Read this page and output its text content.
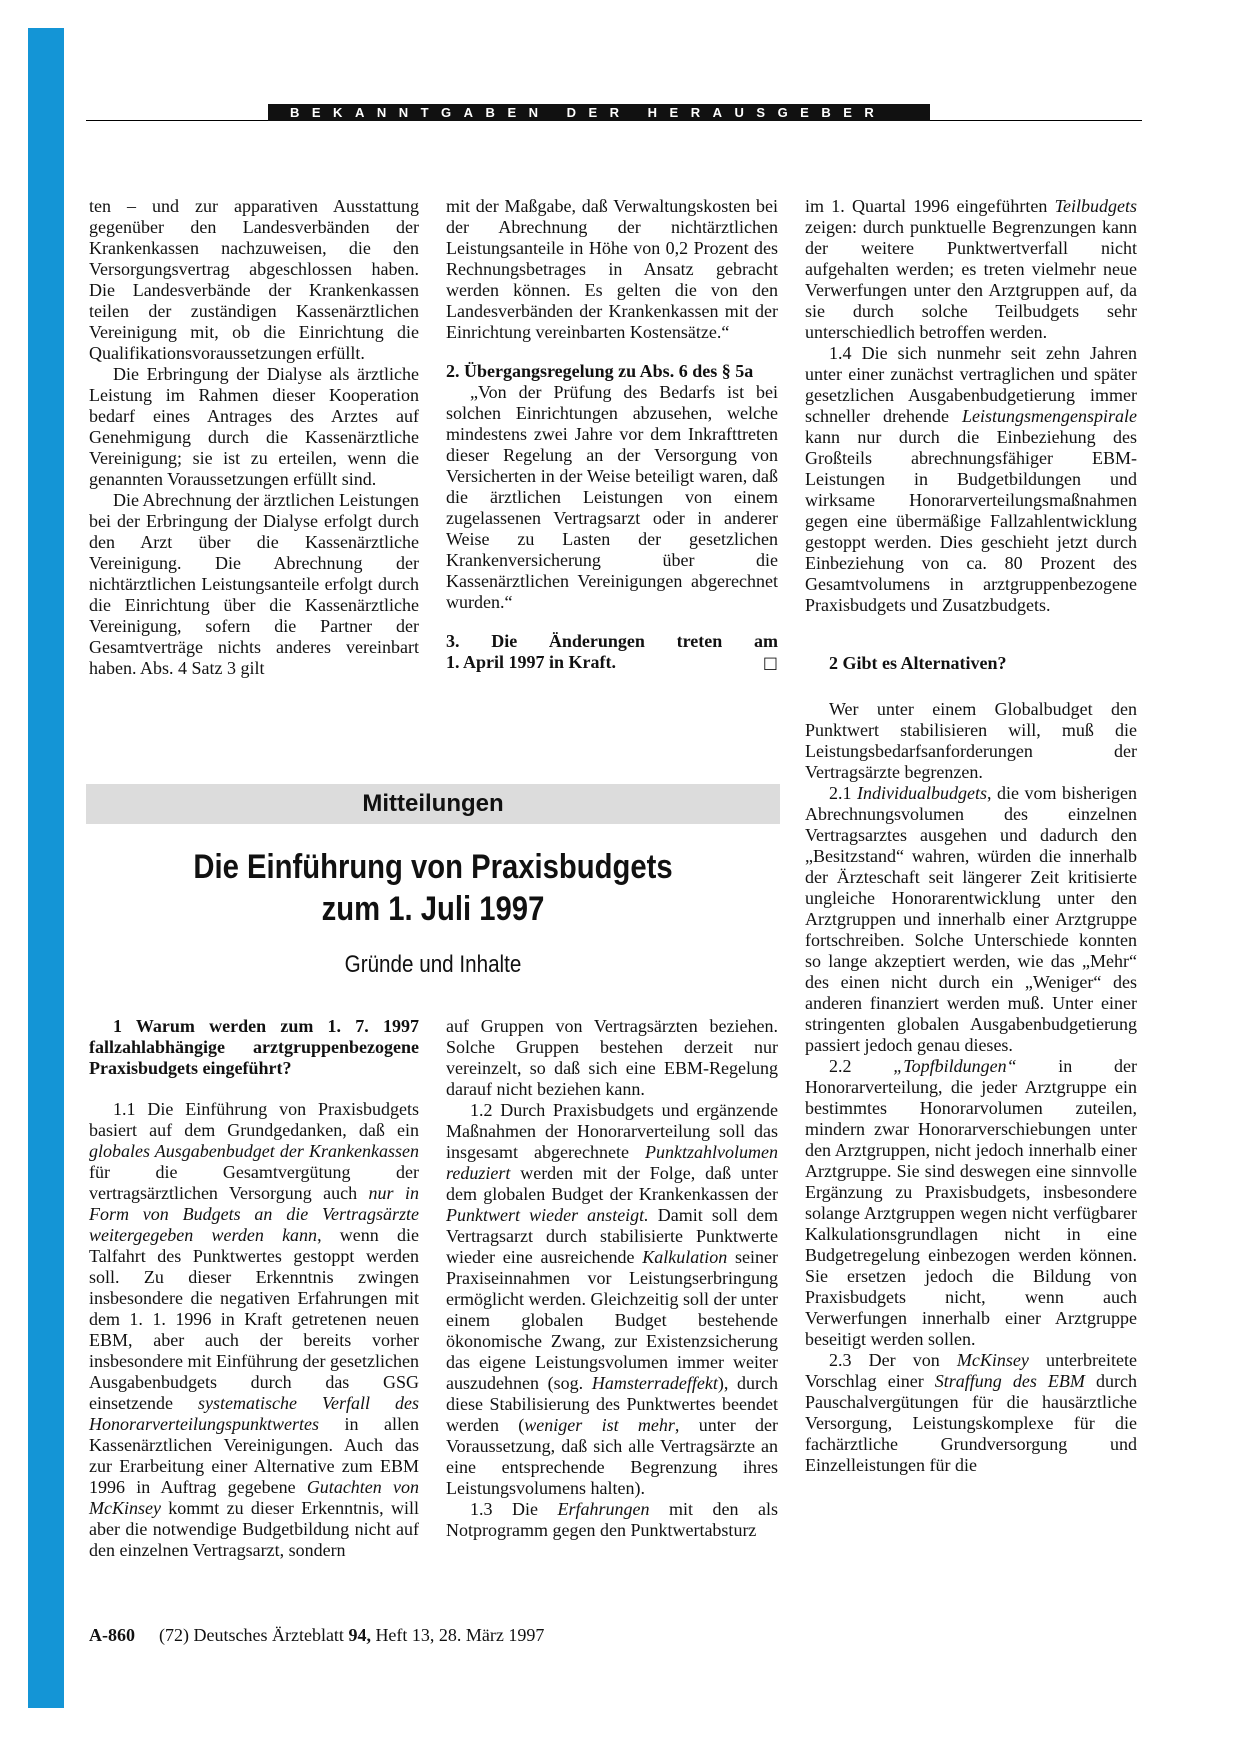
BEKANNTGABEN DER HERAUSGEBER

ten – und zur apparativen Ausstattung gegenüber den Landesverbänden der Krankenkassen nachzuweisen, die den Versorgungsvertrag abgeschlossen haben. Die Landesverbände der Krankenkassen teilen der zuständigen Kassenärztlichen Vereinigung mit, ob die Einrichtung die Qualifikationsvoraussetzungen erfüllt.

Die Erbringung der Dialyse als ärztliche Leistung im Rahmen dieser Kooperation bedarf eines Antrages des Arztes auf Genehmigung durch die Kassenärztliche Vereinigung; sie ist zu erteilen, wenn die genannten Voraussetzungen erfüllt sind.

Die Abrechnung der ärztlichen Leistungen bei der Erbringung der Dialyse erfolgt durch den Arzt über die Kassenärztliche Vereinigung. Die Abrechnung der nichtärztlichen Leistungsanteile erfolgt durch die Einrichtung über die Kassenärztliche Vereinigung, sofern die Partner der Gesamtverträge nichts anderes vereinbart haben. Abs. 4 Satz 3 gilt

mit der Maßgabe, daß Verwaltungskosten bei der Abrechnung der nichtärztlichen Leistungsanteile in Höhe von 0,2 Prozent des Rechnungsbetrages in Ansatz gebracht werden können. Es gelten die von den Landesverbänden der Krankenkassen mit der Einrichtung vereinbarten Kostensätze.“

2. Übergangsregelung zu Abs. 6 des § 5a

„Von der Prüfung des Bedarfs ist bei solchen Einrichtungen abzusehen, welche mindestens zwei Jahre vor dem Inkrafttreten dieser Regelung an der Versorgung von Versicherten in der Weise beteiligt waren, daß die ärztlichen Leistungen von einem zugelassenen Vertragsarzt oder in anderer Weise zu Lasten der gesetzlichen Krankenversicherung über die Kassenärztlichen Vereinigungen abgerechnet wurden.“

3. Die Änderungen treten am
1. April 1997 in Kraft.	□

im 1. Quartal 1996 eingeführten Teilbudgets zeigen: durch punktuelle Begrenzungen kann der weitere Punktwertverfall nicht aufgehalten werden; es treten vielmehr neue Verwerfungen unter den Arztgruppen auf, da sie durch solche Teilbudgets sehr unterschiedlich betroffen werden.

1.4 Die sich nunmehr seit zehn Jahren unter einer zunächst vertraglichen und später gesetzlichen Ausgabenbudgetierung immer schneller drehende Leistungsmengenspirale kann nur durch die Einbeziehung des Großteils abrechnungsfähiger EBM-Leistungen in Budgetbildungen und wirksame Honorarverteilungsmaßnahmen gegen eine übermäßige Fallzahlentwicklung gestoppt werden. Dies geschieht jetzt durch Einbeziehung von ca. 80 Prozent des Gesamtvolumens in arztgruppenbezogene Praxisbudgets und Zusatzbudgets.

2 Gibt es Alternativen?

Wer unter einem Globalbudget den Punktwert stabilisieren will, muß die Leistungsbedarfsanforderungen der Vertragsärzte begrenzen.

2.1 Individualbudgets, die vom bisherigen Abrechnungsvolumen des einzelnen Vertragsarztes ausgehen und dadurch den „Besitzstand“ wahren, würden die innerhalb der Ärzteschaft seit längerer Zeit kritisierte ungleiche Honorarentwicklung unter den Arztgruppen und innerhalb einer Arztgruppe fortschreiben. Solche Unterschiede konnten so lange akzeptiert werden, wie das „Mehr“ des einen nicht durch ein „Weniger“ des anderen finanziert werden muß. Unter einer stringenten globalen Ausgabenbudgetierung passiert jedoch genau dieses.

2.2 „Topfbildungen“ in der Honorarverteilung, die jeder Arztgruppe ein bestimmtes Honorarvolumen zuteilen, mindern zwar Honorarverschiebungen unter den Arztgruppen, nicht jedoch innerhalb einer Arztgruppe. Sie sind deswegen eine sinnvolle Ergänzung zu Praxisbudgets, insbesondere solange Arztgruppen wegen nicht verfügbarer Kalkulationsgrundlagen nicht in eine Budgetregelung einbezogen werden können. Sie ersetzen jedoch die Bildung von Praxisbudgets nicht, wenn auch Verwerfungen innerhalb einer Arztgruppe beseitigt werden sollen.

2.3 Der von McKinsey unterbreitete Vorschlag einer Straffung des EBM durch Pauschalvergütungen für die hausärztliche Versorgung, Leistungskomplexe für die fachärztliche Grundversorgung und Einzelleistungen für die

Mitteilungen
Die Einführung von Praxisbudgets
zum 1. Juli 1997
Gründe und Inhalte
1 Warum werden zum 1. 7. 1997 fallzahlabhängige arztgruppenbezogene Praxisbudgets eingeführt?

1.1 Die Einführung von Praxisbudgets basiert auf dem Grundgedanken, daß ein globales Ausgabenbudget der Krankenkassen für die Gesamtvergütung der vertragsärztlichen Versorgung auch nur in Form von Budgets an die Vertragsärzte weitergegeben werden kann, wenn die Talfahrt des Punktwertes gestoppt werden soll. Zu dieser Erkenntnis zwingen insbesondere die negativen Erfahrungen mit dem 1. 1. 1996 in Kraft getretenen neuen EBM, aber auch der bereits vorher insbesondere mit Einführung der gesetzlichen Ausgabenbudgets durch das GSG einsetzende systematische Verfall des Honorarverteilungspunktwertes in allen Kassenärztlichen Vereinigungen. Auch das zur Erarbeitung einer Alternative zum EBM 1996 in Auftrag gegebene Gutachten von McKinsey kommt zu dieser Erkenntnis, will aber die notwendige Budgetbildung nicht auf den einzelnen Vertragsarzt, sondern

auf Gruppen von Vertragsärzten beziehen. Solche Gruppen bestehen derzeit nur vereinzelt, so daß sich eine EBM-Regelung darauf nicht beziehen kann.

1.2 Durch Praxisbudgets und ergänzende Maßnahmen der Honorarverteilung soll das insgesamt abgerechnete Punktzahlvolumen reduziert werden mit der Folge, daß unter dem globalen Budget der Krankenkassen der Punktwert wieder ansteigt. Damit soll dem Vertragsarzt durch stabilisierte Punktwerte wieder eine ausreichende Kalkulation seiner Praxiseinnahmen vor Leistungserbringung ermöglicht werden. Gleichzeitig soll der unter einem globalen Budget bestehende ökonomische Zwang, zur Existenzsicherung das eigene Leistungsvolumen immer weiter auszudehnen (sog. Hamsterradeffekt), durch diese Stabilisierung des Punktwertes beendet werden (weniger ist mehr, unter der Voraussetzung, daß sich alle Vertragsärzte an eine entsprechende Begrenzung ihres Leistungsvolumens halten).

1.3 Die Erfahrungen mit den als Notprogramm gegen den Punktwertabsturz

A-860 (72) Deutsches Ärzteblatt 94, Heft 13, 28. März 1997
